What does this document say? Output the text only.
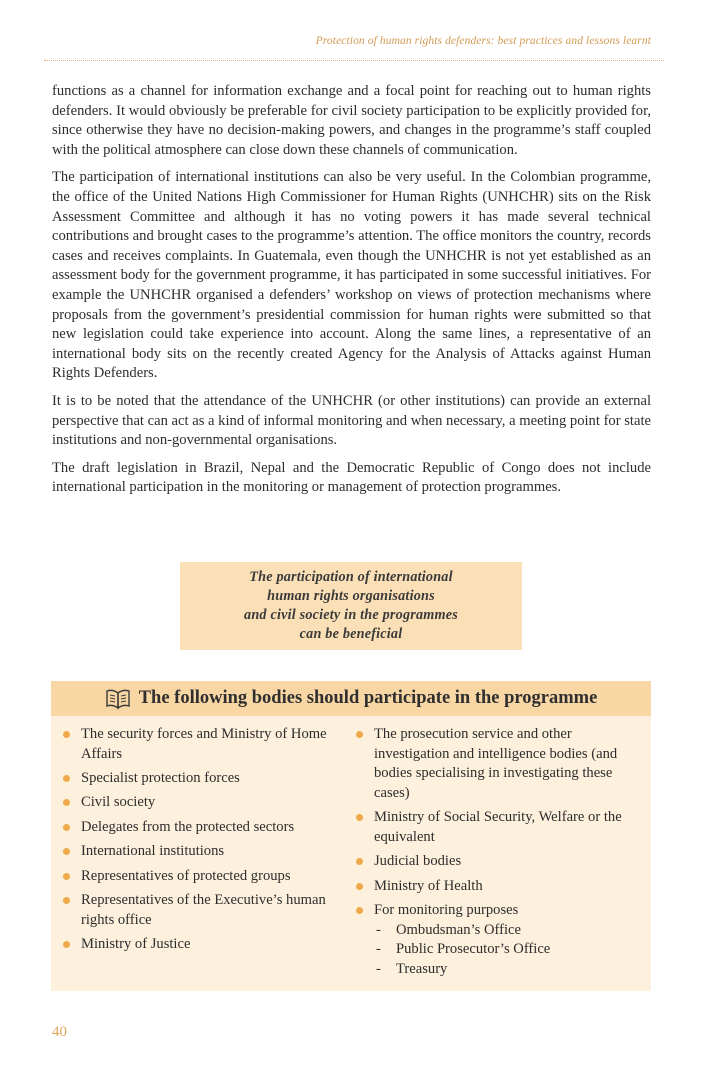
Protection of human rights defenders: best practices and lessons learnt

functions as a channel for information exchange and a focal point for reaching out to human rights defenders. It would obviously be preferable for civil society participation to be explicitly provided for, since otherwise they have no decision-making powers, and changes in the programme’s staff coupled with the political atmosphere can close down these channels of communication.

The participation of international institutions can also be very useful. In the Colombian programme, the office of the United Nations High Commissioner for Human Rights (UNHCHR) sits on the Risk Assessment Committee and although it has no voting powers it has made several technical contributions and brought cases to the programme’s attention. The office monitors the country, records cases and receives complaints. In Guatemala, even though the UNHCHR is not yet established as an assessment body for the government programme, it has participated in some successful initiatives. For example the UNHCHR organised a defenders’ workshop on views of protection mechanisms where proposals from the government’s presidential commission for human rights were submitted so that new legislation could take experience into account. Along the same lines, a representative of an international body sits on the recently created Agency for the Analysis of Attacks against Human Rights Defenders.

It is to be noted that the attendance of the UNHCHR (or other institutions) can provide an external perspective that can act as a kind of informal monitoring and when necessary, a meeting point for state institutions and non-governmental organisations.

The draft legislation in Brazil, Nepal and the Democratic Republic of Congo does not include international participation in the monitoring or management of protection programmes.

The participation of international
human rights organisations
and civil society in the programmes
can be beneficial
The following bodies should participate in the programme
The security forces and Ministry of Home Affairs
Specialist protection forces
Civil society
Delegates from the protected sectors
International institutions
Representatives of protected groups
Representatives of the Executive’s human rights office
Ministry of Justice
The prosecution service and other investigation and intelligence bodies (and bodies specialising in investigating these cases)
Ministry of Social Security, Welfare or the equivalent
Judicial bodies
Ministry of Health
For monitoring purposes
- Ombudsman’s Office
- Public Prosecutor’s Office
- Treasury
40
